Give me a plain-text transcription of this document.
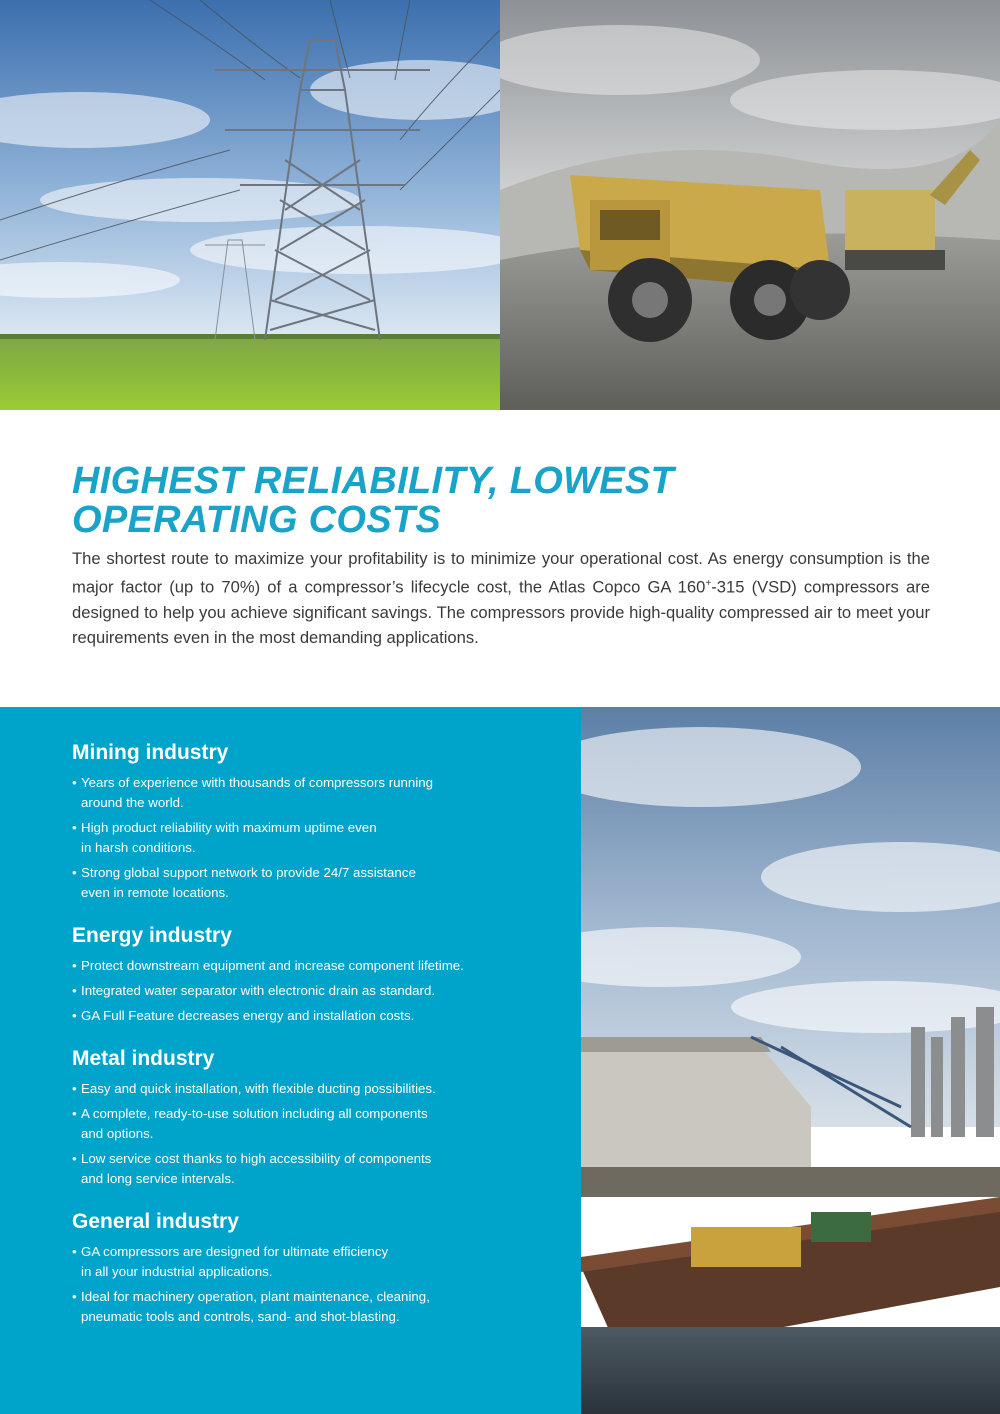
HIGHEST RELIABILITY, LOWEST
OPERATING COSTS

The shortest route to maximize your profitability is to minimize your operational cost. As energy consumption is the major factor (up to 70%) of a compressor’s lifecycle cost, the Atlas Copco GA 160+-315 (VSD) compressors are designed to help you achieve significant savings. The compressors provide high-quality compressed air to meet your requirements even in the most demanding applications.

Mining industry
• Years of experience with thousands of compressors running
around the world.
• High product reliability with maximum uptime even
in harsh conditions.
• Strong global support network to provide 24/7 assistance
even in remote locations.
Energy industry
• Protect downstream equipment and increase component lifetime.
• Integrated water separator with electronic drain as standard.
• GA Full Feature decreases energy and installation costs.
Metal industry
• Easy and quick installation, with flexible ducting possibilities.
• A complete, ready-to-use solution including all components
and options.
• Low service cost thanks to high accessibility of components
and long service intervals.
General industry
• GA compressors are designed for ultimate efficiency
in all your industrial applications.
• Ideal for machinery operation, plant maintenance, cleaning,
pneumatic tools and controls, sand- and shot-blasting.
